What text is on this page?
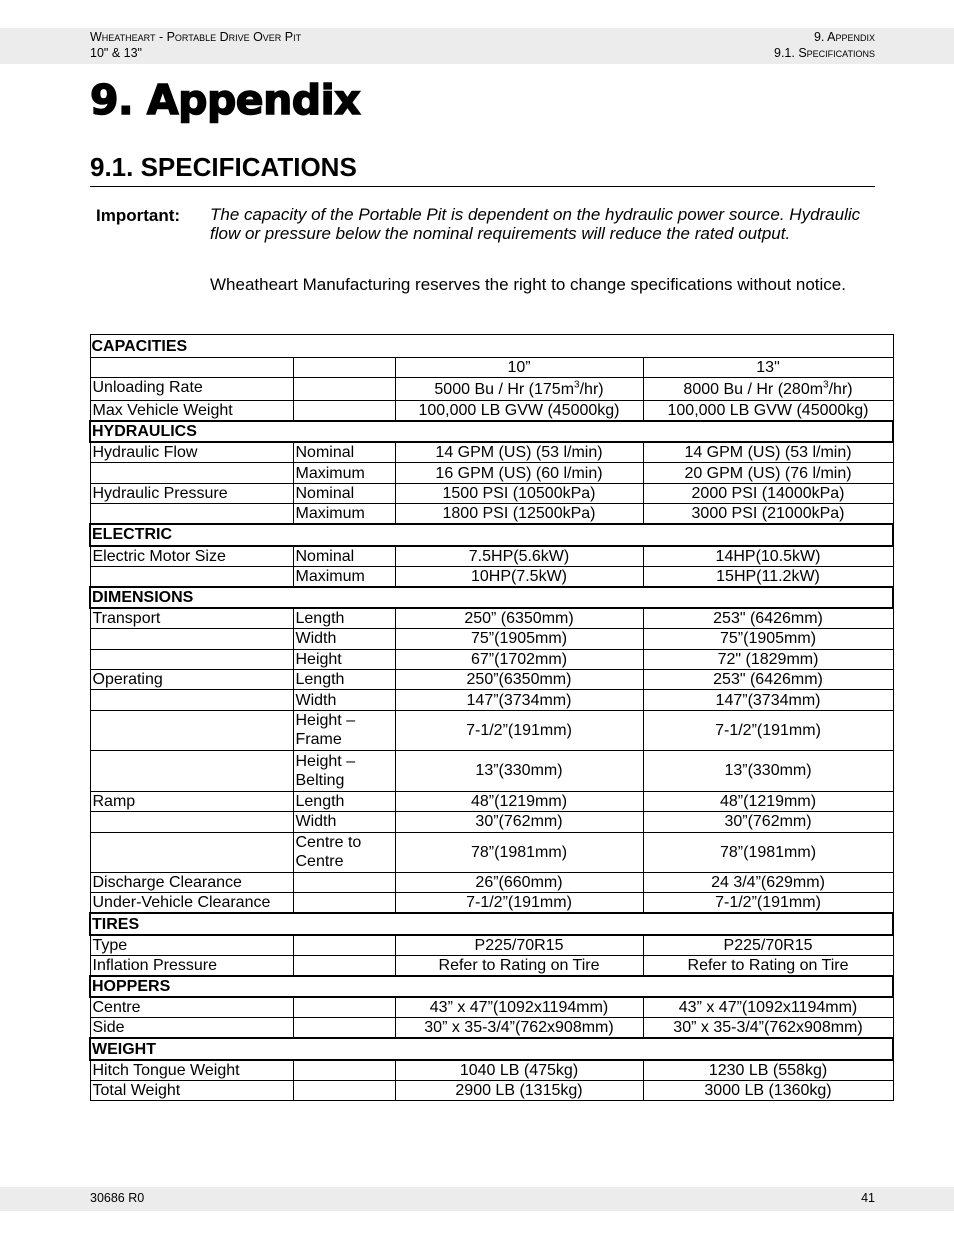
Wheatheart - Portable Drive Over Pit
10" & 13"
9. Appendix
9.1. Specifications
9. Appendix
9.1. SPECIFICATIONS
Important: The capacity of the Portable Pit is dependent on the hydraulic power source. Hydraulic flow or pressure below the nominal requirements will reduce the rated output.
Wheatheart Manufacturing reserves the right to change specifications without notice.
CAPACITIES			
		10”	13"
Unloading Rate		5000 Bu / Hr $(175m^3/hr)$	8000 Bu / Hr $(280m^3/hr)$
Max Vehicle Weight		100,000 LB GVW (45000kg)	100,000 LB GVW (45000kg)
HYDRAULICS			
Hydraulic Flow	Nominal	14 GPM (US) (53 l/min)	14 GPM (US) (53 l/min)
	Maximum	16 GPM (US) (60 l/min)	20 GPM (US) (76 l/min)
Hydraulic Pressure	Nominal	1500 PSI (10500kPa)	2000 PSI (14000kPa)
	Maximum	1800 PSI (12500kPa)	3000 PSI (21000kPa)
ELECTRIC			
Electric Motor Size	Nominal	7.5HP(5.6kW)	14HP(10.5kW)
	Maximum	10HP(7.5kW)	15HP(11.2kW)
DIMENSIONS			
Transport	Length	250” (6350mm)	253" (6426mm)
	Width	75”(1905mm)	75”(1905mm)
	Height	67”(1702mm)	72" (1829mm)
Operating	Length	250”(6350mm)	253" (6426mm)
	Width	147”(3734mm)	147”(3734mm)
	Height – Frame	7-1/2”(191mm)	7-1/2”(191mm)
	Height – Belting	13”(330mm)	13”(330mm)
Ramp	Length	48”(1219mm)	48”(1219mm)
	Width	30”(762mm)	30”(762mm)
	Centre to Centre	78”(1981mm)	78”(1981mm)
Discharge Clearance		26”(660mm)	24 3/4”(629mm)
Under-Vehicle Clearance		7-1/2”(191mm)	7-1/2”(191mm)
TIRES			
Type		P225/70R15	P225/70R15
Inflation Pressure		Refer to Rating on Tire	Refer to Rating on Tire
HOPPERS			
Centre		43” x 47”(1092x1194mm)	43” x 47”(1092x1194mm)
Side		30” x 35-3/4”(762x908mm)	30” x 35-3/4”(762x908mm)
WEIGHT			
Hitch Tongue Weight		1040 LB (475kg)	1230 LB (558kg)
Total Weight		2900 LB (1315kg)	3000 LB (1360kg)
30686 R0	41
